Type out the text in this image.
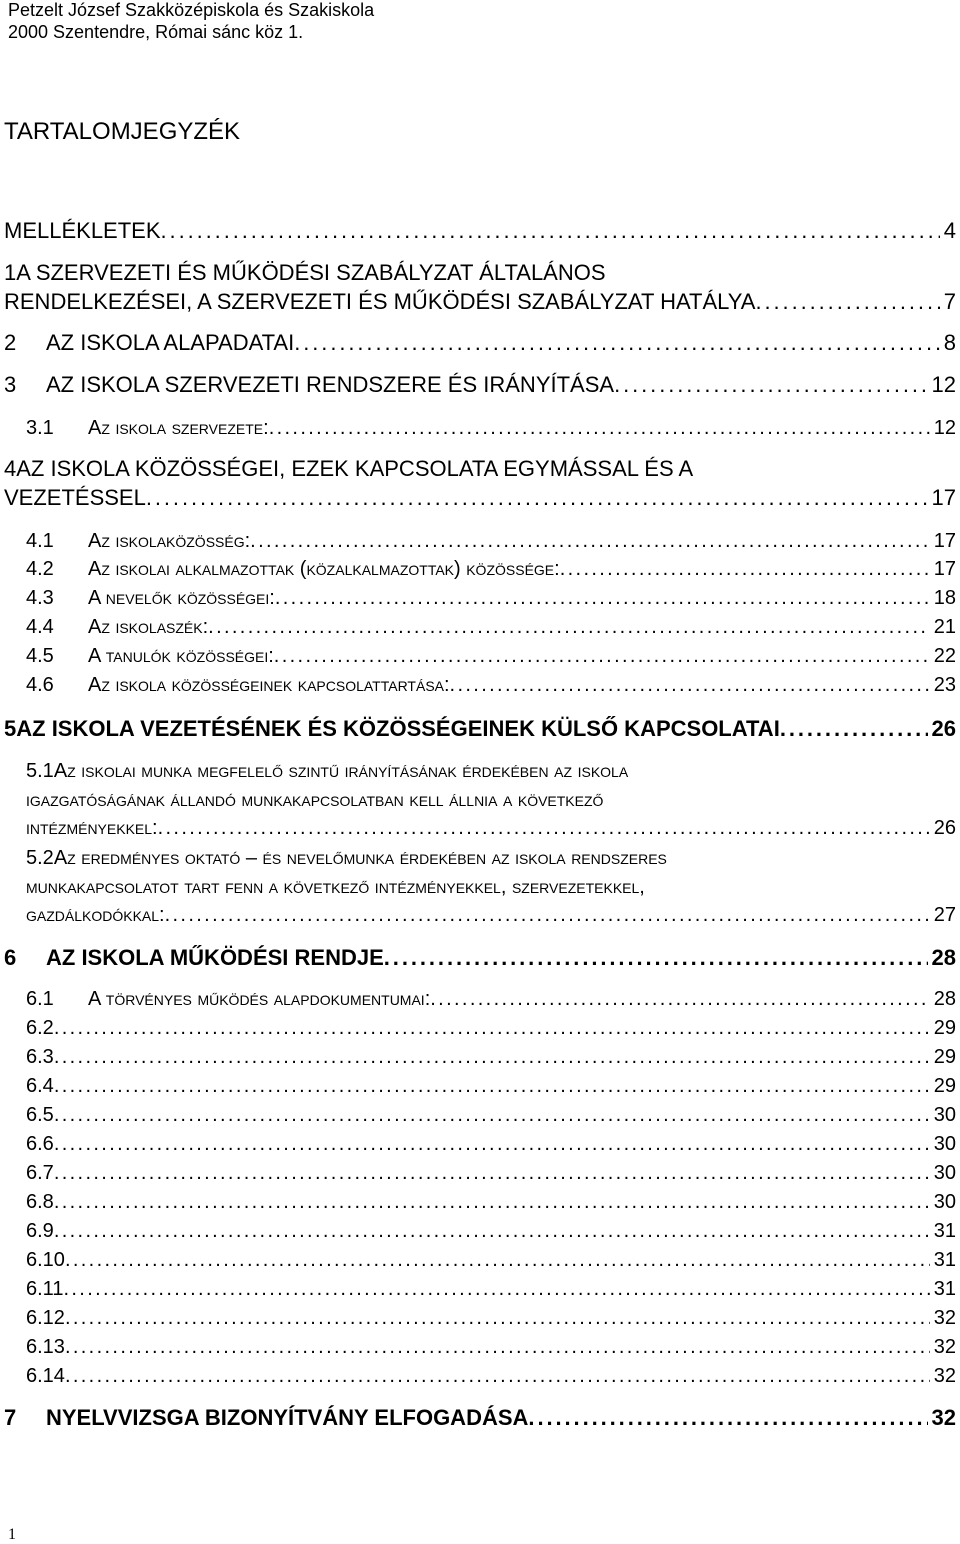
Petzelt József Szakközépiskola és Szakiskola
2000 Szentendre, Római sánc köz 1.
TARTALOMJEGYZÉK
MELLÉKLETEK . . .	4
1A SZERVEZETI ÉS MŰKÖDÉSI SZABÁLYZAT ÁLTALÁNOS
RENDELKEZÉSEI, A SZERVEZETI ÉS MŰKÖDÉSI SZABÁLYZAT HATÁLYA . . .	7
2	AZ ISKOLA ALAPADATAI . . .	8
3	AZ ISKOLA SZERVEZETI RENDSZERE ÉS IRÁNYÍTÁSA . . .	12
3.1	Az iskola szervezete: . . .	12
4AZ ISKOLA KÖZÖSSÉGEI, EZEK KAPCSOLATA EGYMÁSSAL ÉS A
VEZETÉSSEL . . .	17
4.1	Az iskolaközösség: . . .	17
4.2	Az iskolai alkalmazottak (közalkalmazottak) közössége: . . .	17
4.3	A nevelők közösségei: . . .	18
4.4	Az iskolaszék: . . .	21
4.5	A tanulók közösségei: . . .	22
4.6	Az iskola közösségeinek kapcsolattartása: . . .	23
5 AZ ISKOLA VEZETÉSÉNEK ÉS KÖZÖSSÉGEINEK KÜLSŐ KAPCSOLATAI . . .	26
5.1Az iskolai munka megfelelő szintű irányításának érdekében az iskola
igazgatóságának állandó munkakapcsolatban kell állnia a következő
intézményekkel: . . .	26
5.2Az eredményes oktató – és nevelőmunka érdekében az iskola rendszeres
munkakapcsolatot tart fenn a következő intézményekkel, szervezetekkel,
gazdálkodókkal: . . .	27
6	AZ ISKOLA MŰKÖDÉSI RENDJE . . .	28
6.1	A törvényes működés alapdokumentumai: . . .	28
6.2 . . .	29
6.3 . . .	29
6.4 . . .	29
6.5 . . .	30
6.6 . . .	30
6.7 . . .	30
6.8 . . .	30
6.9 . . .	31
6.10 . . .	31
6.11 . . .	31
6.12 . . .	32
6.13 . . .	32
6.14 . . .	32
7	NYELVVIZSGA BIZONYÍTVÁNY ELFOGADÁSA . . .	32
1
